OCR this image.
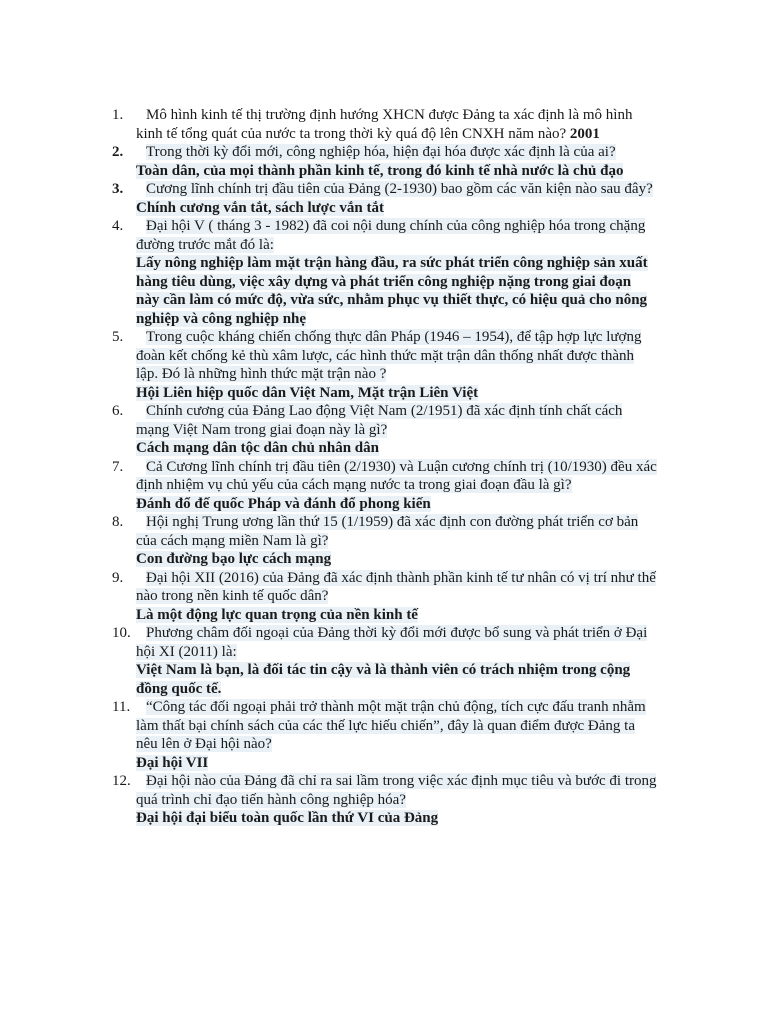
1.	Mô hình kinh tế thị trường định hướng XHCN được Đảng ta xác định là mô hình kinh tế tổng quát của nước ta trong thời kỳ quá độ lên CNXH năm nào? 2001

2.	Trong thời kỳ đổi mới, công nghiệp hóa, hiện đại hóa được xác định là của ai?

Toàn dân, của mọi thành phần kinh tế, trong đó kinh tế nhà nước là chủ đạo

3.	Cương lĩnh chính trị đầu tiên của Đảng (2-1930) bao gồm các văn kiện nào sau đây?

Chính cương vắn tắt, sách lược vắn tắt

4.	Đại hội V ( tháng 3 - 1982) đã coi nội dung chính của công nghiệp hóa trong chặng đường trước mắt đó là:

Lấy nông nghiệp làm mặt trận hàng đầu, ra sức phát triển công nghiệp sản xuất hàng tiêu dùng, việc xây dựng và phát triển công nghiệp nặng trong giai đoạn này cần làm có mức độ, vừa sức, nhằm phục vụ thiết thực, có hiệu quả cho nông nghiệp và công nghiệp nhẹ

5.	Trong cuộc kháng chiến chống thực dân Pháp (1946 – 1954), để tập hợp lực lượng đoàn kết chống kẻ thù xâm lược, các hình thức mặt trận dân thống nhất được thành lập. Đó là những hình thức mặt trận nào ?

Hội Liên hiệp quốc dân Việt Nam, Mặt trận Liên Việt

6.	Chính cương của Đảng Lao động Việt Nam (2/1951) đã xác định tính chất cách mạng Việt Nam trong giai đoạn này là gì?

Cách mạng dân tộc dân chủ nhân dân

7.	Cả Cương lĩnh chính trị đầu tiên (2/1930) và Luận cương chính trị (10/1930) đều xác định nhiệm vụ chủ yếu của cách mạng nước ta trong giai đoạn đầu là gì?

Đánh đổ đế quốc Pháp và đánh đổ phong kiến

8.	Hội nghị Trung ương lần thứ 15 (1/1959) đã xác định con đường phát triển cơ bản của cách mạng miền Nam là gì?

Con đường bạo lực cách mạng

9.	Đại hội XII (2016) của Đảng đã xác định thành phần kinh tế tư nhân có vị trí như thế nào trong nền kinh tế quốc dân?

Là một động lực quan trọng của nền kinh tế

10.	Phương châm đối ngoại của Đảng thời kỳ đổi mới được bổ sung và phát triển ở Đại hội XI (2011) là:

Việt Nam là bạn, là đối tác tin cậy và là thành viên có trách nhiệm trong cộng đồng quốc tế.

11.	“Công tác đối ngoại phải trở thành một mặt trận chủ động, tích cực đấu tranh nhằm làm thất bại chính sách của các thế lực hiếu chiến”, đây là quan điểm được Đảng ta nêu lên ở Đại hội nào?

Đại hội VII

12.	Đại hội nào của Đảng đã chỉ ra sai lầm trong việc xác định mục tiêu và bước đi trong quá trình chỉ đạo tiến hành công nghiệp hóa?

Đại hội đại biểu toàn quốc lần thứ VI của Đảng
